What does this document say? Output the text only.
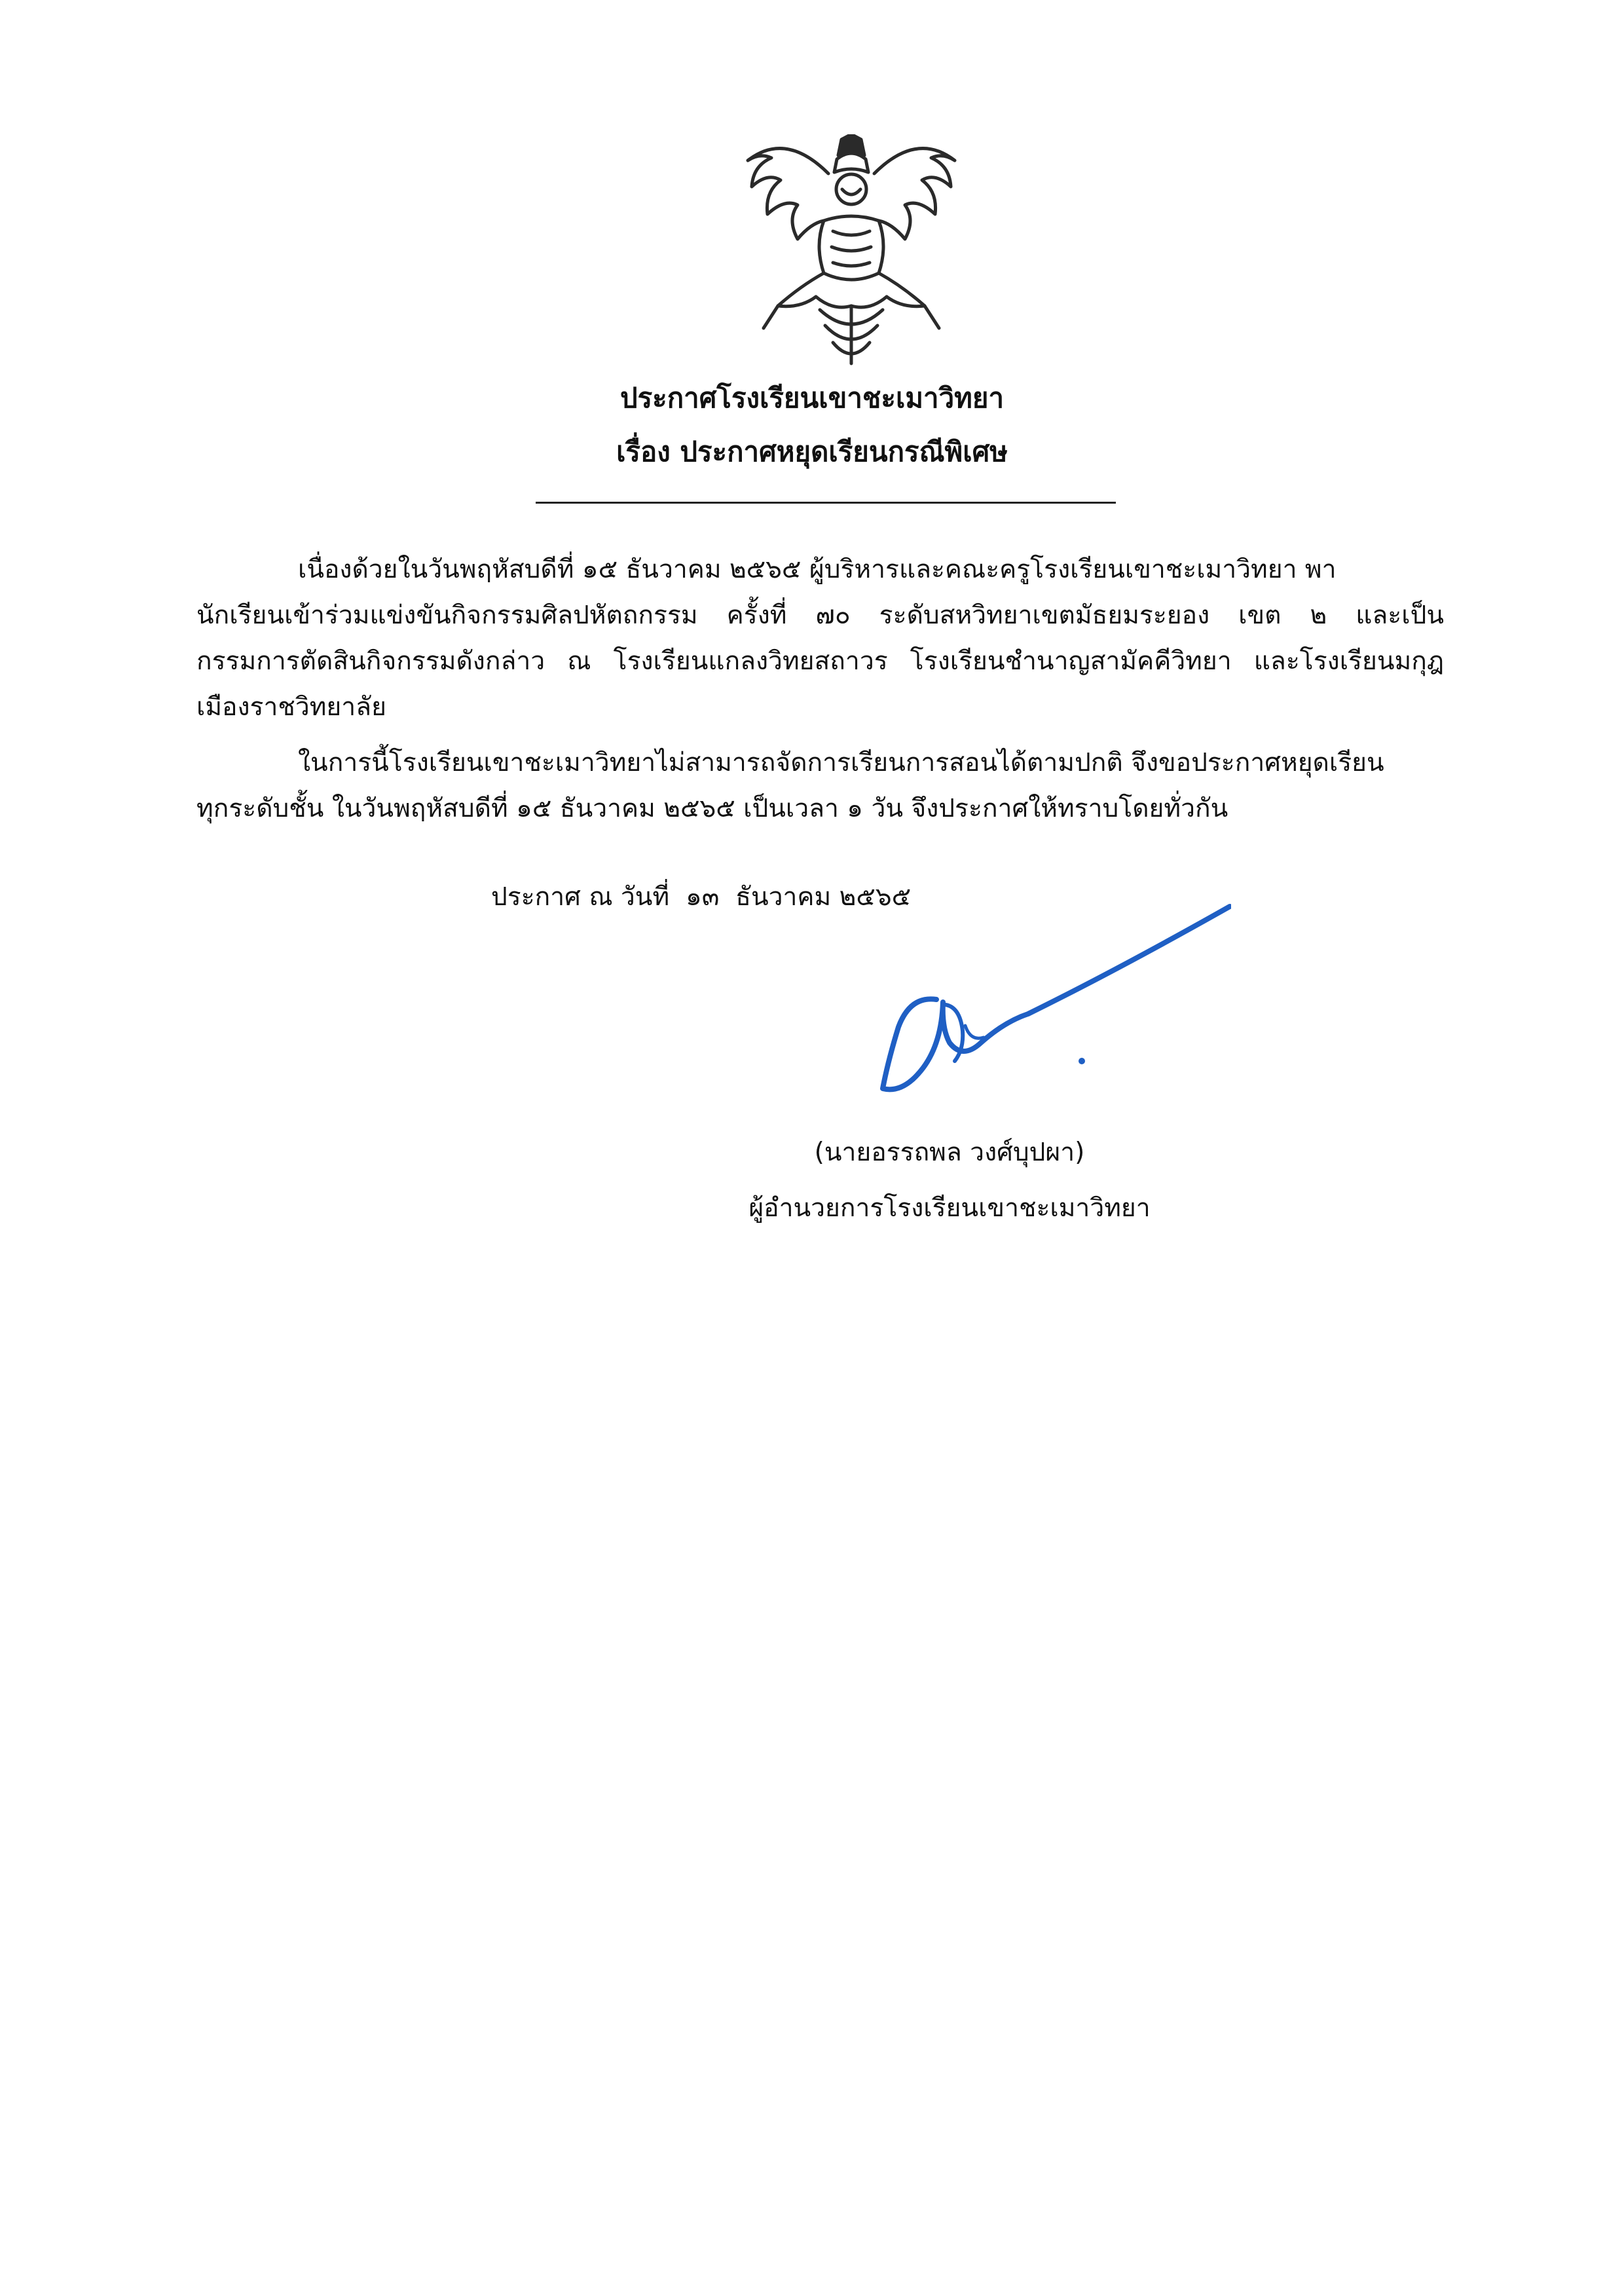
ประกาศโรงเรียนเขาชะเมาวิทยา
เรื่อง ประกาศหยุดเรียนกรณีพิเศษ
เนื่องด้วยในวันพฤหัสบดีที่ ๑๕ ธันวาคม ๒๕๖๕ ผู้บริหารและคณะครูโรงเรียนเขาชะเมาวิทยา พา
นักเรียนเข้าร่วมแข่งขันกิจกรรมศิลปหัตถกรรม ครั้งที่ ๗๐ ระดับสหวิทยาเขตมัธยมระยอง เขต ๒ และเป็น
กรรมการตัดสินกิจกรรมดังกล่าว ณ โรงเรียนแกลงวิทยสถาวร โรงเรียนชำนาญสามัคคีวิทยา และโรงเรียนมกุฎ
เมืองราชวิทยาลัย
ในการนี้โรงเรียนเขาชะเมาวิทยาไม่สามารถจัดการเรียนการสอนได้ตามปกติ จึงขอประกาศหยุดเรียน
ทุกระดับชั้น ในวันพฤหัสบดีที่ ๑๕ ธันวาคม ๒๕๖๕ เป็นเวลา ๑ วัน จึงประกาศให้ทราบโดยทั่วกัน
ประกาศ ณ วันที่  ๑๓  ธันวาคม ๒๕๖๕
(นายอรรถพล วงศ์บุปผา)
ผู้อำนวยการโรงเรียนเขาชะเมาวิทยา
